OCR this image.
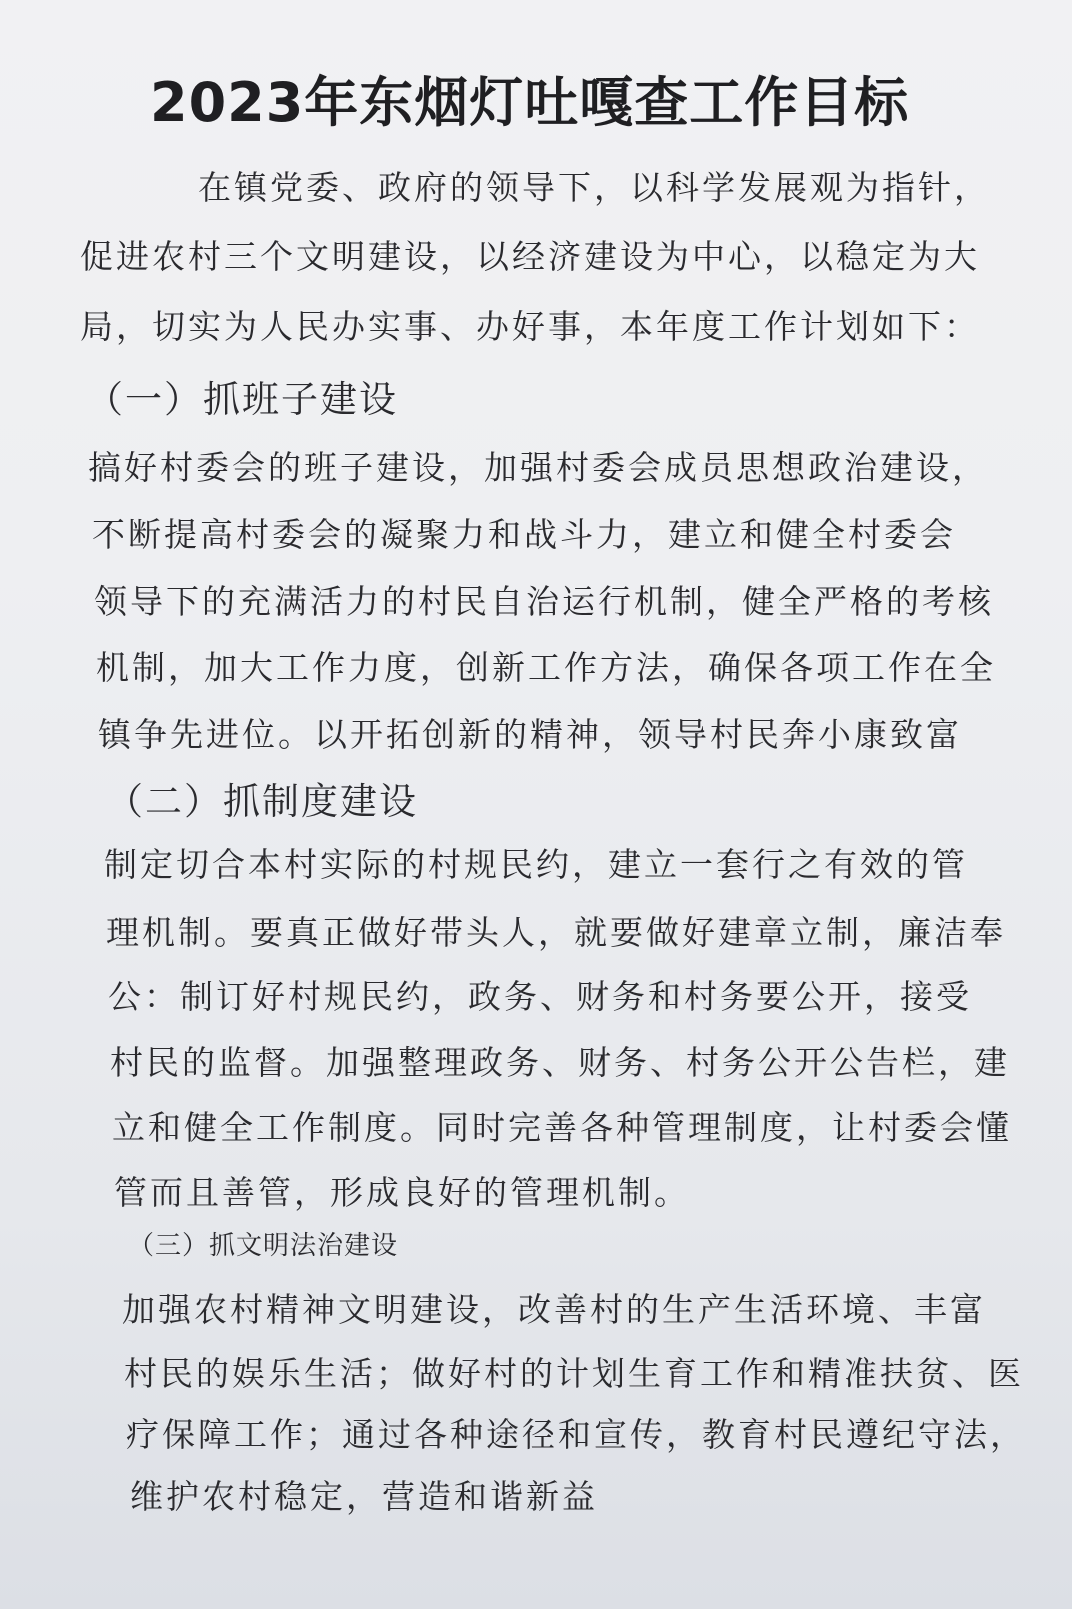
2023年东烟灯吐嘎查工作目标
在镇党委、政府的领导下，以科学发展观为指针，
促进农村三个文明建设，以经济建设为中心，以稳定为大
局，切实为人民办实事、办好事，本年度工作计划如下：
（一）抓班子建设
搞好村委会的班子建设，加强村委会成员思想政治建设，
不断提高村委会的凝聚力和战斗力，建立和健全村委会
领导下的充满活力的村民自治运行机制，健全严格的考核
机制，加大工作力度，创新工作方法，确保各项工作在全
镇争先进位。以开拓创新的精神，领导村民奔小康致富
（二）抓制度建设
制定切合本村实际的村规民约，建立一套行之有效的管
理机制。要真正做好带头人，就要做好建章立制，廉洁奉
公：制订好村规民约，政务、财务和村务要公开，接受
村民的监督。加强整理政务、财务、村务公开公告栏，建
立和健全工作制度。同时完善各种管理制度，让村委会懂
管而且善管，形成良好的管理机制。
（三）抓文明法治建设
加强农村精神文明建设，改善村的生产生活环境、丰富
村民的娱乐生活；做好村的计划生育工作和精准扶贫、医
疗保障工作；通过各种途径和宣传，教育村民遵纪守法，
维护农村稳定，营造和谐新益
